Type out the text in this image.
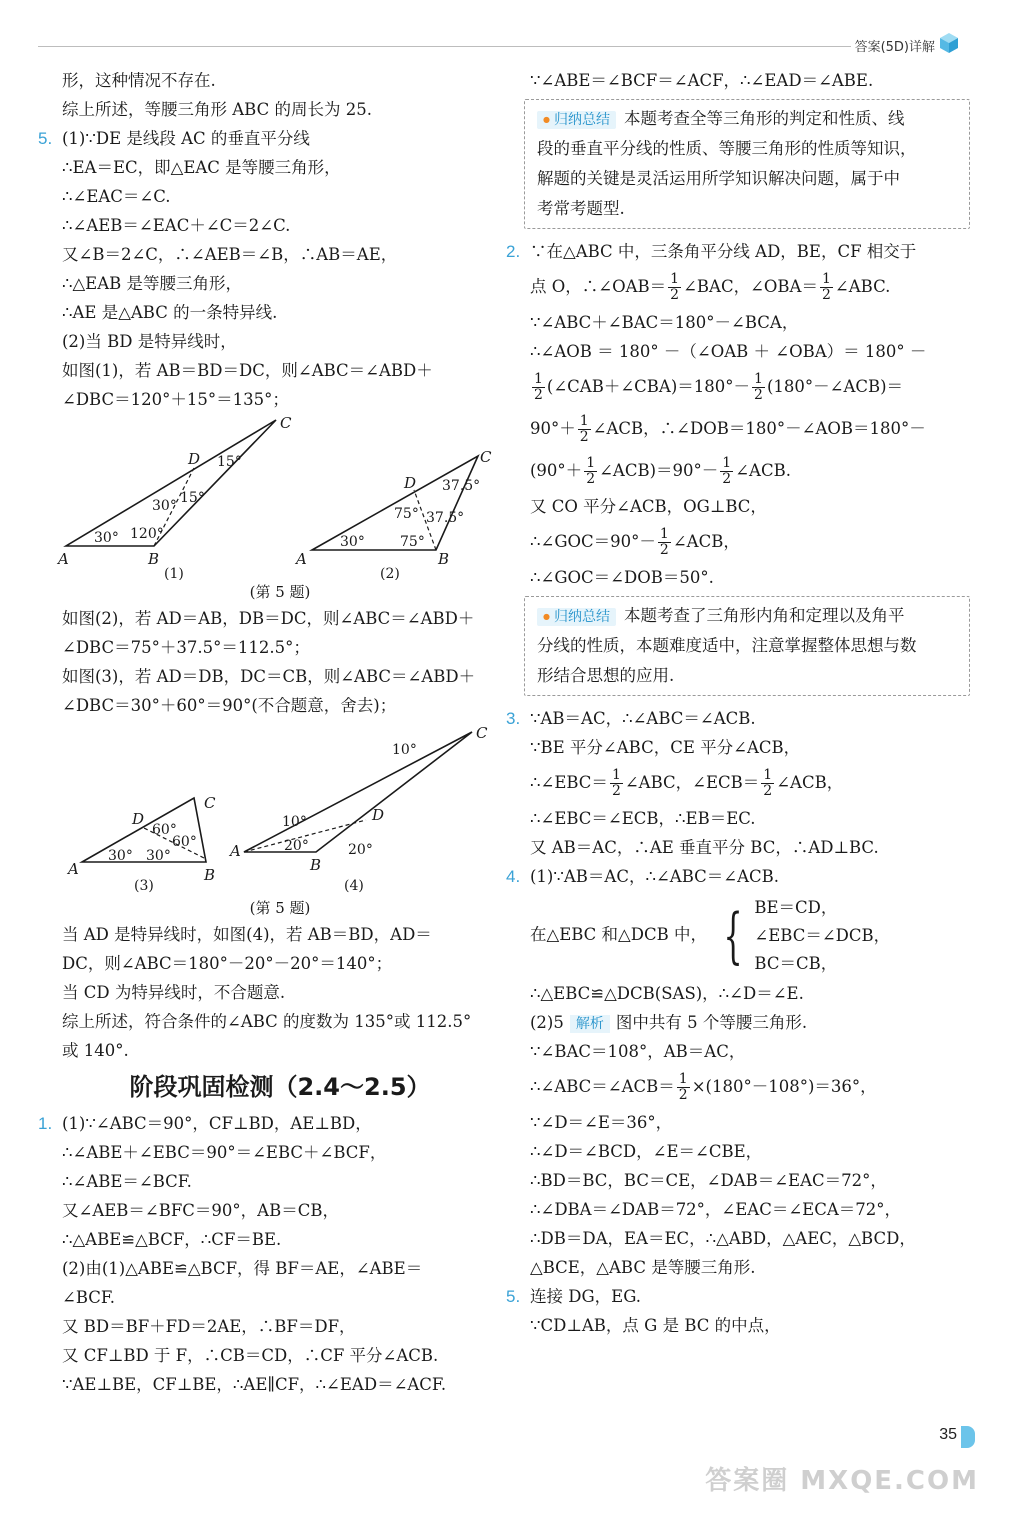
答案(5D)详解
形，这种情况不存在.
综上所述，等腰三角形 ABC 的周长为 25.
5. (1)∵DE 是线段 AC 的垂直平分线
∴EA＝EC，即△EAC 是等腰三角形，
∴∠EAC＝∠C.
∴∠AEB＝∠EAC＋∠C＝2∠C.
又∠B＝2∠C，∴∠AEB＝∠B，∴AB＝AE，
∴△EAB 是等腰三角形，
∴AE 是△ABC 的一条特异线.
(2)当 BD 是特异线时，
如图(1)，若 AB＝BD＝DC，则∠ABC＝∠ABD＋
∠DBC＝120°＋15°＝135°；
C
D
A	B
15°
15°
30°
30° 120°
(1)
C
D
A	B
37.5°
75° 37.5°
30°	75°
(2)
(第 5 题)
如图(2)，若 AD＝AB，DB＝DC，则∠ABC＝∠ABD＋
∠DBC＝75°＋37.5°＝112.5°；
如图(3)，若 AD＝DB，DC＝CB，则∠ABC＝∠ABD＋
∠DBC＝30°＋60°＝90°(不合题意，舍去)；
C
D
A	B
60°
60°
30° 30°
(3)
C
D
A
B
10°
10°
20°	20°
(4)
(第 5 题)
当 AD 是特异线时，如图(4)，若 AB＝BD，AD＝
DC，则∠ABC＝180°－20°－20°＝140°；
当 CD 为特异线时，不合题意.
综上所述，符合条件的∠ABC 的度数为 135°或 112.5°
或 140°.
阶段巩固检测（2.4～2.5）
1. (1)∵∠ABC＝90°，CF⊥BD，AE⊥BD，
∴∠ABE＋∠EBC＝90°＝∠EBC＋∠BCF，
∴∠ABE＝∠BCF.
又∠AEB＝∠BFC＝90°，AB＝CB，
∴△ABE≌△BCF，∴CF＝BE.
(2)由(1)△ABE≌△BCF，得 BF＝AE，∠ABE＝
∠BCF.
又 BD＝BF＋FD＝2AE，∴BF＝DF，
又 CF⊥BD 于 F，∴CB＝CD，∴CF 平分∠ACB.
∵AE⊥BE，CF⊥BE，∴AE∥CF，∴∠EAD＝∠ACF.
∵∠ABE＝∠BCF＝∠ACF，∴∠EAD＝∠ABE.
● 归纳总结 本题考查全等三角形的判定和性质、线
段的垂直平分线的性质、等腰三角形的性质等知识，
解题的关键是灵活运用所学知识解决问题，属于中
考常考题型.
2. ∵在△ABC 中，三条角平分线 AD，BE，CF 相交于
点 O，∴∠OAB＝ $\frac{1}{2}$ ∠BAC，∠OBA＝ $\frac{1}{2}$ ∠ABC.
∵∠ABC＋∠BAC＝180°－∠BCA，
∴∠AOB ＝ 180° －（∠OAB ＋ ∠OBA）＝ 180° －
$\frac{1}{2}$ (∠CAB＋∠CBA)＝180°－ $\frac{1}{2}$ (180°－∠ACB)＝
$90^\circ+ \frac{1}{2}$ ∠ACB，∴∠DOB＝180°－∠AOB＝180°－
($90^\circ+ \frac{1}{2}$ ∠ACB)＝90°－ $\frac{1}{2}$ ∠ACB.
又 CO 平分∠ACB，OG⊥BC，
∴∠GOC＝90°－ $\frac{1}{2}$ ∠ACB，
∴∠GOC＝∠DOB＝50°.
● 归纳总结 本题考查了三角形内角和定理以及角平
分线的性质，本题难度适中，注意掌握整体思想与数
形结合思想的应用.
3. ∵AB＝AC，∴∠ABC＝∠ACB.
∵BE 平分∠ABC，CE 平分∠ACB，
∴∠EBC＝ $\frac{1}{2}$ ∠ABC，∠ECB＝ $\frac{1}{2}$ ∠ACB，
∴∠EBC＝∠ECB，∴EB＝EC.
又 AB＝AC，∴AE 垂直平分 BC，∴AD⊥BC.
4. (1)∵AB＝AC，∴∠ABC＝∠ACB.
在△EBC 和△DCB 中， { BE＝CD，
∠EBC＝∠DCB，
BC＝CB，
∴△EBC≌△DCB(SAS)，∴∠D＝∠E.
(2)5 解析 图中共有 5 个等腰三角形.
∵∠BAC＝108°，AB＝AC，
∴∠ABC＝∠ACB＝ $\frac{1}{2} \times(180^\circ-108^\circ)=36^\circ$，
∵∠D＝∠E＝36°，
∴∠D＝∠BCD，∠E＝∠CBE，
∴BD＝BC，BC＝CE，∠DAB＝∠EAC＝72°，
∴∠DBA＝∠DAB＝72°，∠EAC＝∠ECA＝72°，
∴DB＝DA，EA＝EC，∴△ABD，△AEC，△BCD，
△BCE，△ABC 是等腰三角形.
5. 连接 DG，EG.
∵CD⊥AB，点 G 是 BC 的中点，
35
答案圈 MXQE.COM
